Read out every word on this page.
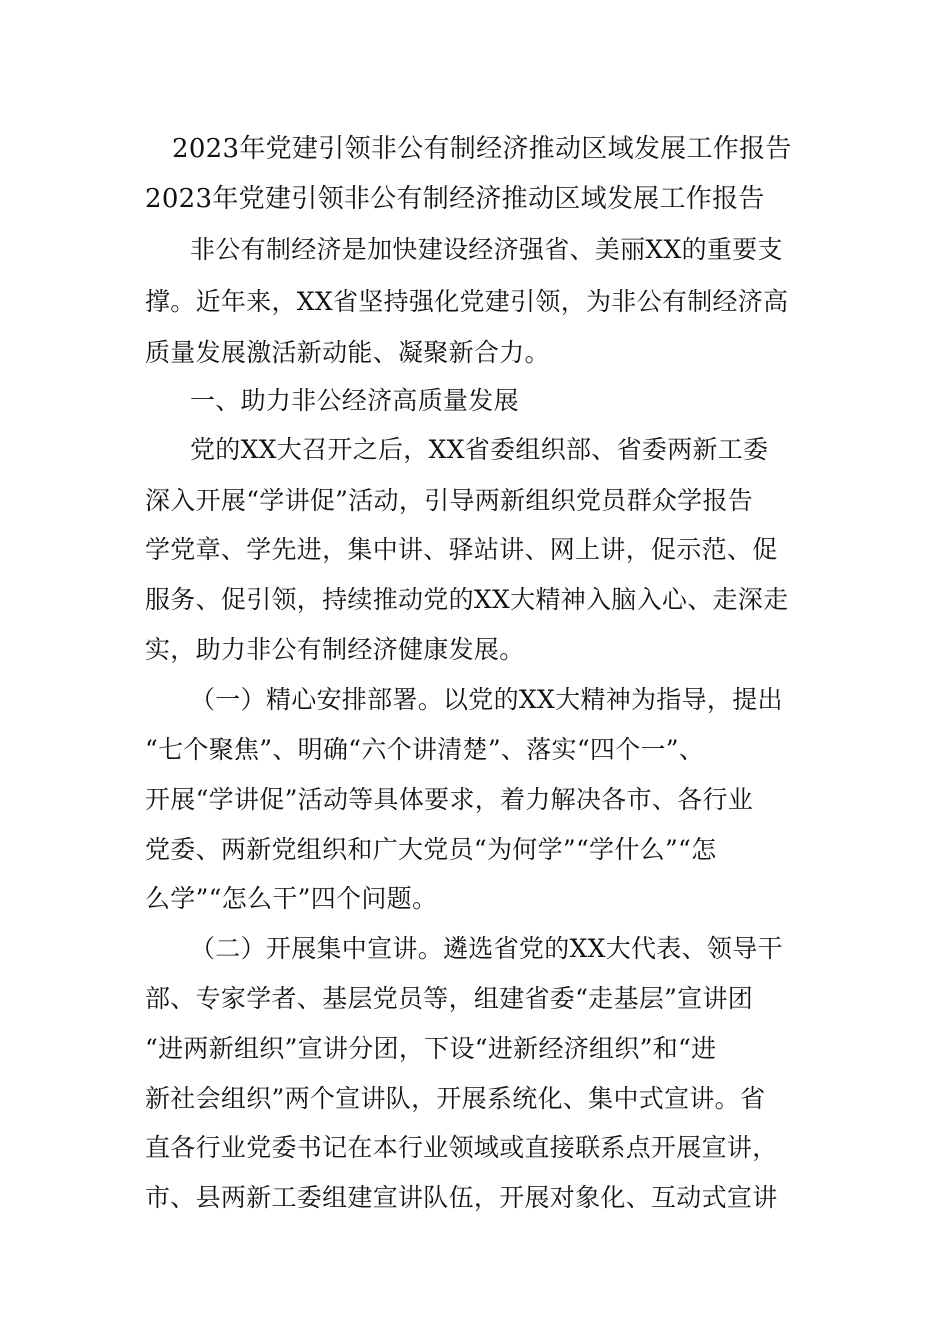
2023年党建引领非公有制经济推动区域发展工作报告
2023年党建引领非公有制经济推动区域发展工作报告
非公有制经济是加快建设经济强省、美丽XX的重要支
撑。近年来，XX省坚持强化党建引领，为非公有制经济高
质量发展激活新动能、凝聚新合力。
一、助力非公经济高质量发展
党的XX大召开之后，XX省委组织部、省委两新工委
深入开展“学讲促”活动，引导两新组织党员群众学报告
学党章、学先进，集中讲、驿站讲、网上讲，促示范、促
服务、促引领，持续推动党的XX大精神入脑入心、走深走
实，助力非公有制经济健康发展。
（一）精心安排部署。以党的XX大精神为指导，提出
“七个聚焦”、明确“六个讲清楚”、落实“四个一”、
开展“学讲促”活动等具体要求，着力解决各市、各行业
党委、两新党组织和广大党员“为何学”“学什么”“怎
么学”“怎么干”四个问题。
（二）开展集中宣讲。遴选省党的XX大代表、领导干
部、专家学者、基层党员等，组建省委“走基层”宣讲团
“进两新组织”宣讲分团，下设“进新经济组织”和“进
新社会组织”两个宣讲队，开展系统化、集中式宣讲。省
直各行业党委书记在本行业领域或直接联系点开展宣讲，
市、县两新工委组建宣讲队伍，开展对象化、互动式宣讲
